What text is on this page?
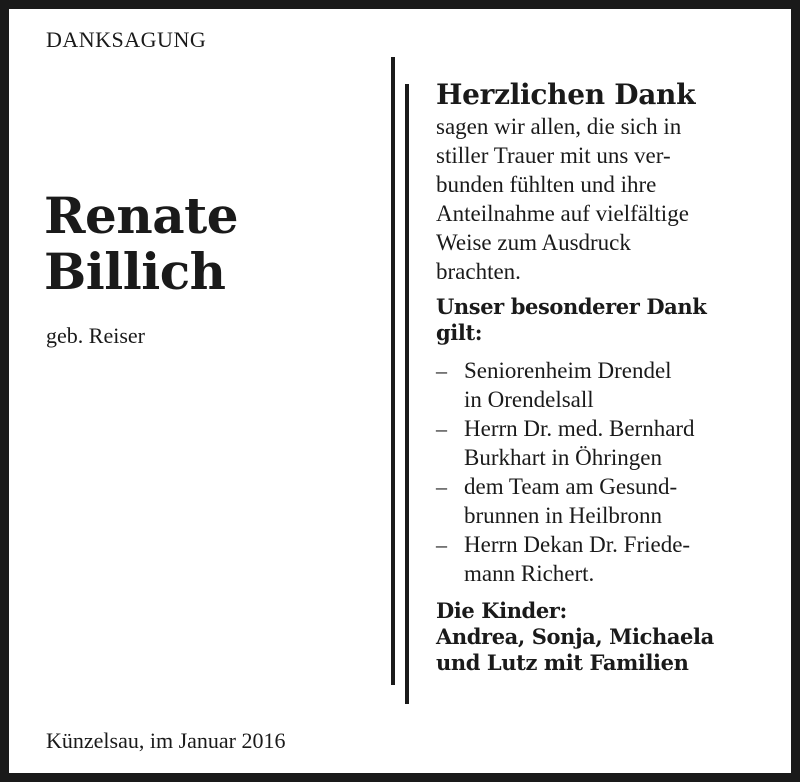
DANKSAGUNG
Renate
Billich
geb. Reiser
Künzelsau, im Januar 2016
Herzlichen Dank
sagen wir allen, die sich in
stiller Trauer mit uns ver-
bunden fühlten und ihre
Anteilnahme auf vielfältige
Weise zum Ausdruck
brachten.
Unser besonderer Dank
gilt:
– Seniorenheim Drendel
in Orendelsall
– Herrn Dr. med. Bernhard
Burkhart in Öhringen
– dem Team am Gesund-
brunnen in Heilbronn
– Herrn Dekan Dr. Friede-
mann Richert.
Die Kinder:
Andrea, Sonja, Michaela
und Lutz mit Familien
